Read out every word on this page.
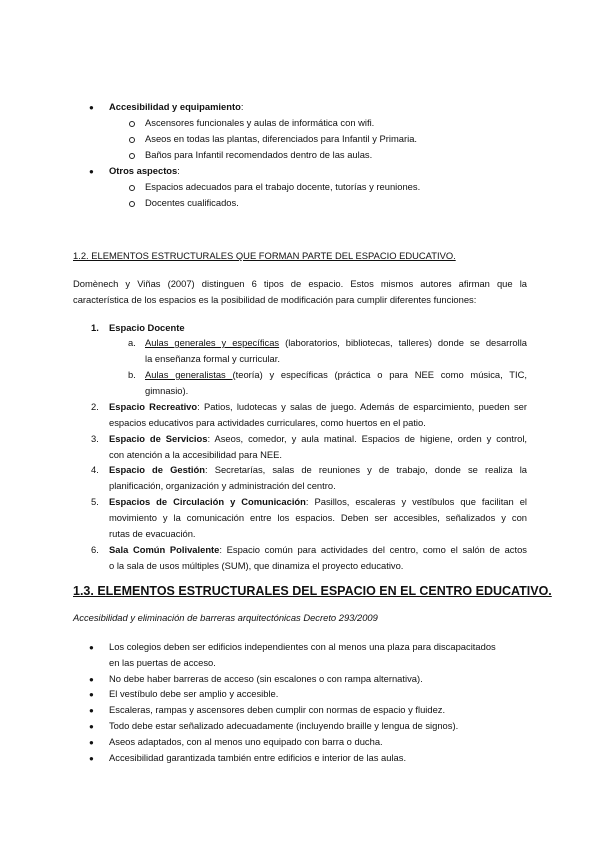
● Accesibilidad y equipamiento:
Ascensores funcionales y aulas de informática con wifi.
Aseos en todas las plantas, diferenciados para Infantil y Primaria.
Baños para Infantil recomendados dentro de las aulas.
● Otros aspectos:
Espacios adecuados para el trabajo docente, tutorías y reuniones.
Docentes cualificados.
1.2. ELEMENTOS ESTRUCTURALES QUE FORMAN PARTE DEL ESPACIO EDUCATIVO.
Domènech y Viñas (2007) distinguen 6 tipos de espacio. Estos mismos autores afirman que la
característica de los espacios es la posibilidad de modificación para cumplir diferentes funciones:
1. Espacio Docente
a. Aulas generales y específicas (laboratorios, bibliotecas, talleres) donde se desarrolla
la enseñanza formal y curricular.
b. Aulas generalistas (teoría) y específicas (práctica o para NEE como música, TIC,
gimnasio).
2. Espacio Recreativo: Patios, ludotecas y salas de juego. Además de esparcimiento, pueden ser
espacios educativos para actividades curriculares, como huertos en el patio.
3. Espacio de Servicios: Aseos, comedor, y aula matinal. Espacios de higiene, orden y control,
con atención a la accesibilidad para NEE.
4. Espacio de Gestión: Secretarías, salas de reuniones y de trabajo, donde se realiza la
planificación, organización y administración del centro.
5. Espacios de Circulación y Comunicación: Pasillos, escaleras y vestíbulos que facilitan el
movimiento y la comunicación entre los espacios. Deben ser accesibles, señalizados y con
rutas de evacuación.
6. Sala Común Polivalente: Espacio común para actividades del centro, como el salón de actos
o la sala de usos múltiples (SUM), que dinamiza el proyecto educativo.
1.3. ELEMENTOS ESTRUCTURALES DEL ESPACIO EN EL CENTRO EDUCATIVO.
Accesibilidad y eliminación de barreras arquitectónicas Decreto 293/2009
● Los colegios deben ser edificios independientes con al menos una plaza para discapacitados
en las puertas de acceso.
● No debe haber barreras de acceso (sin escalones o con rampa alternativa).
● El vestíbulo debe ser amplio y accesible.
● Escaleras, rampas y ascensores deben cumplir con normas de espacio y fluidez.
● Todo debe estar señalizado adecuadamente (incluyendo braille y lengua de signos).
● Aseos adaptados, con al menos uno equipado con barra o ducha.
● Accesibilidad garantizada también entre edificios e interior de las aulas.
